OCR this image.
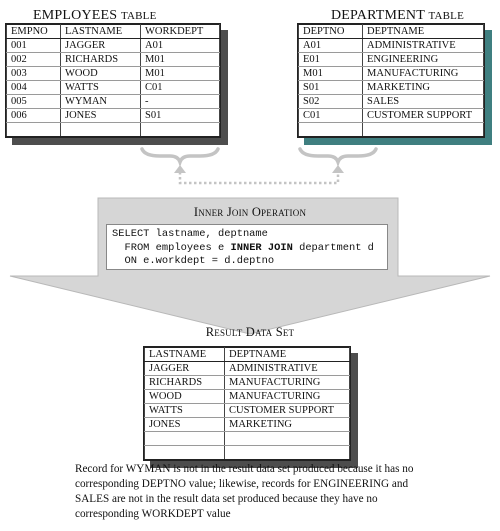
EMPLOYEES TABLE
EMPNO	LASTNAME	WORKDEPT
001	JAGGER	A01
002	RICHARDS	M01
003	WOOD	M01
004	WATTS	C01
005	WYMAN	-
006	JONES	S01

DEPARTMENT TABLE
DEPTNO	DEPTNAME
A01	ADMINISTRATIVE
E01	ENGINEERING
M01	MANUFACTURING
S01	MARKETING
S02	SALES
C01	CUSTOMER SUPPORT

Inner Join Operation
SELECT lastname, deptname
FROM employees e INNER JOIN department d
ON e.workdept = d.deptno
Result Data Set
LASTNAME	DEPTNAME
JAGGER	ADMINISTRATIVE
RICHARDS	MANUFACTURING
WOOD	MANUFACTURING
WATTS	CUSTOMER SUPPORT
JONES	MARKETING

Record for WYMAN is not in the result data set produced because it has no corresponding DEPTNO value; likewise, records for ENGINEERING and SALES are not in the result data set produced because they have no corresponding WORKDEPT value
